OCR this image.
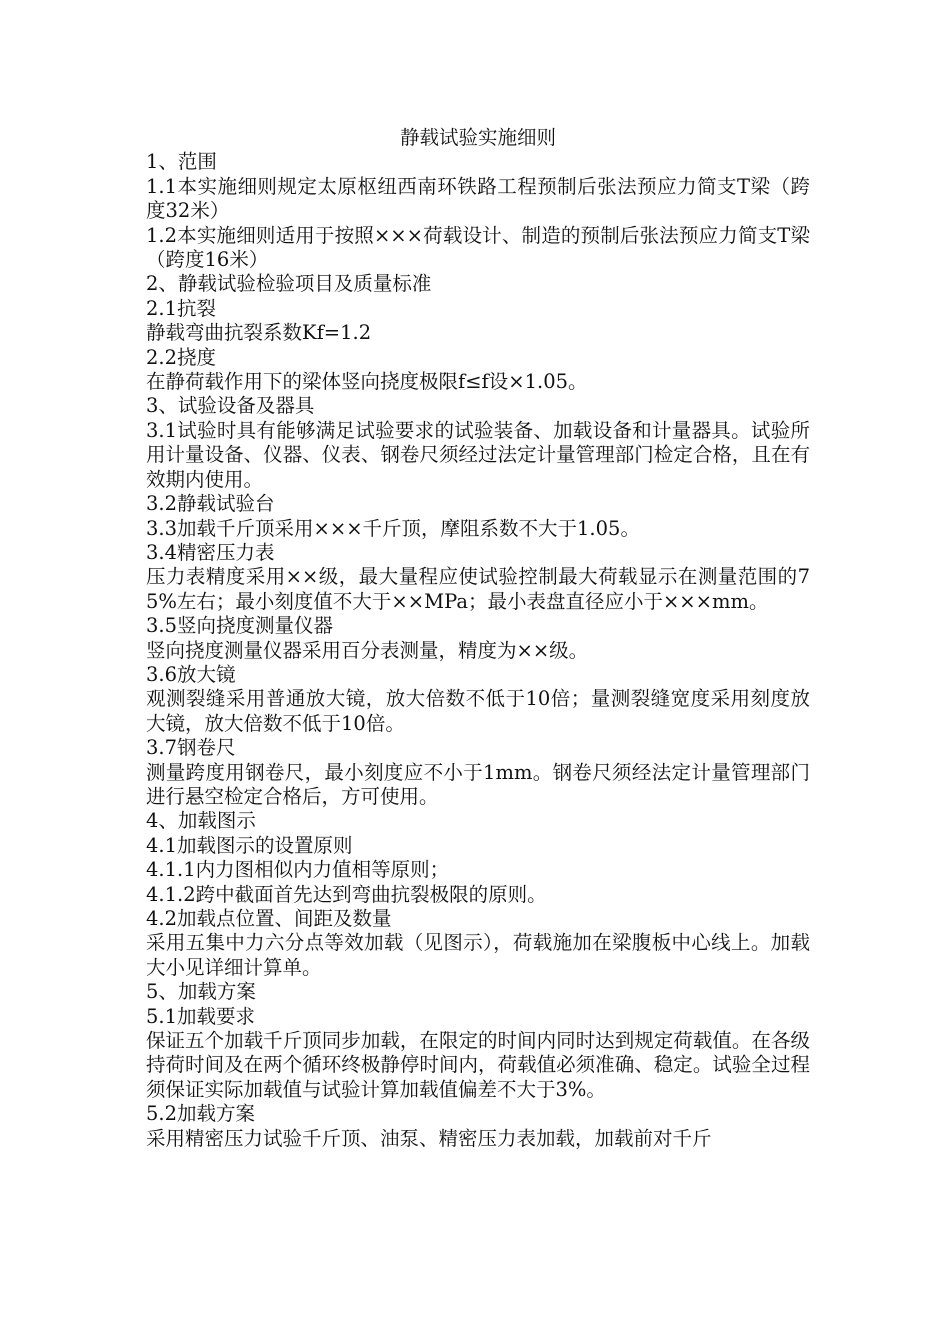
静载试验实施细则

1、范围

1.1本实施细则规定太原枢纽西南环铁路工程预制后张法预应力简支T梁（跨度32米）

1.2本实施细则适用于按照×××荷载设计、制造的预制后张法预应力简支T梁（跨度16米）

2、静载试验检验项目及质量标准

2.1抗裂

静载弯曲抗裂系数Kf=1.2

2.2挠度

在静荷载作用下的梁体竖向挠度极限f≤f设×1.05。

3、试验设备及器具

3.1试验时具有能够满足试验要求的试验装备、加载设备和计量器具。试验所用计量设备、仪器、仪表、钢卷尺须经过法定计量管理部门检定合格，且在有效期内使用。

3.2静载试验台

3.3加载千斤顶采用×××千斤顶，摩阻系数不大于1.05。

3.4精密压力表

压力表精度采用××级，最大量程应使试验控制最大荷载显示在测量范围的75%左右；最小刻度值不大于××MPa；最小表盘直径应小于×××mm。

3.5竖向挠度测量仪器

竖向挠度测量仪器采用百分表测量，精度为××级。

3.6放大镜

观测裂缝采用普通放大镜，放大倍数不低于10倍；量测裂缝宽度采用刻度放大镜，放大倍数不低于10倍。

3.7钢卷尺

测量跨度用钢卷尺，最小刻度应不小于1mm。钢卷尺须经法定计量管理部门进行悬空检定合格后，方可使用。

4、加载图示

4.1加载图示的设置原则

4.1.1内力图相似内力值相等原则；

4.1.2跨中截面首先达到弯曲抗裂极限的原则。

4.2加载点位置、间距及数量

采用五集中力六分点等效加载（见图示），荷载施加在梁腹板中心线上。加载大小见详细计算单。

5、加载方案

5.1加载要求

保证五个加载千斤顶同步加载，在限定的时间内同时达到规定荷载值。在各级持荷时间及在两个循环终极静停时间内，荷载值必须准确、稳定。试验全过程须保证实际加载值与试验计算加载值偏差不大于3%。

5.2加载方案

采用精密压力试验千斤顶、油泵、精密压力表加载，加载前对千斤
